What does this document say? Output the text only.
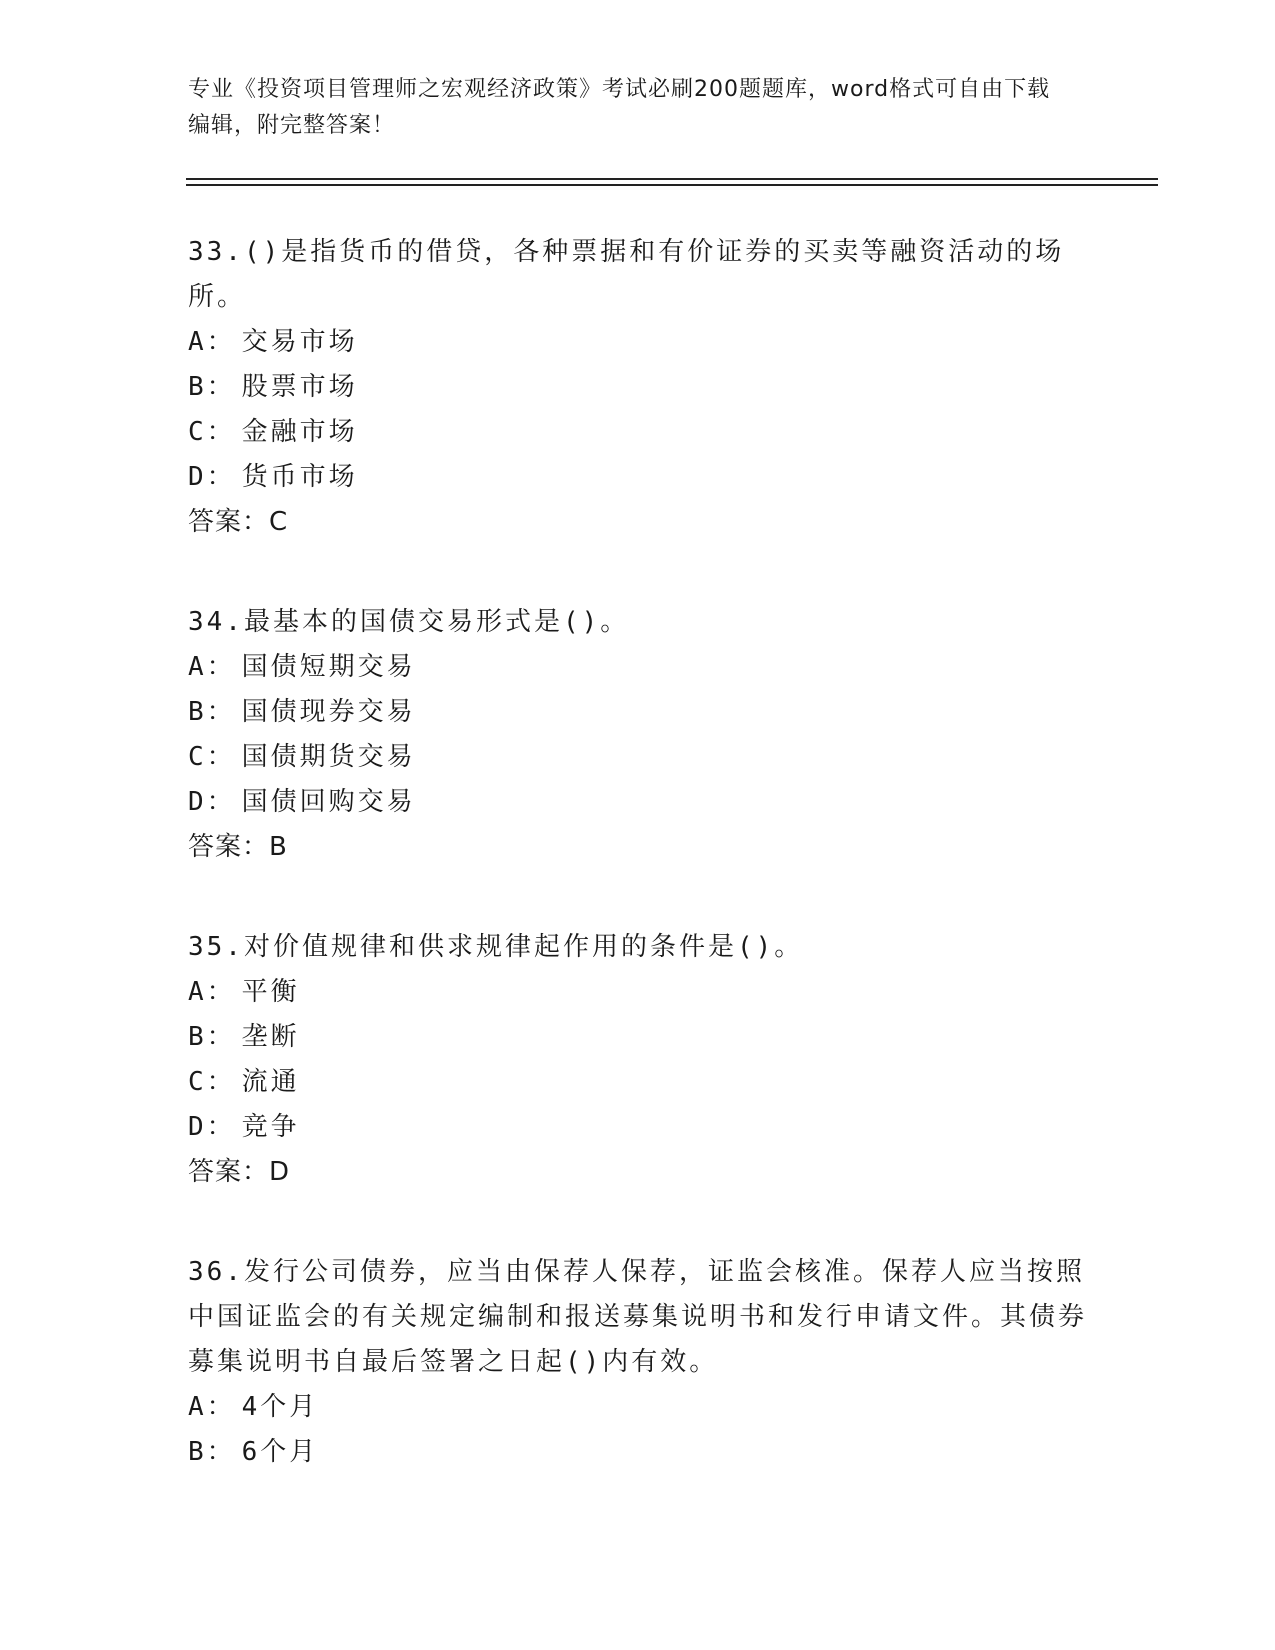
专业《投资项目管理师之宏观经济政策》考试必刷200题题库，word格式可自由下载编辑，附完整答案！
33.()是指货币的借贷，各种票据和有价证券的买卖等融资活动的场所。
A： 交易市场
B： 股票市场
C： 金融市场
D： 货币市场
答案：C
34.最基本的国债交易形式是()。
A： 国债短期交易
B： 国债现券交易
C： 国债期货交易
D： 国债回购交易
答案：B
35.对价值规律和供求规律起作用的条件是()。
A： 平衡
B： 垄断
C： 流通
D： 竞争
答案：D
36.发行公司债券，应当由保荐人保荐，证监会核准。保荐人应当按照中国证监会的有关规定编制和报送募集说明书和发行申请文件。其债券募集说明书自最后签署之日起()内有效。
A： 4个月
B： 6个月
